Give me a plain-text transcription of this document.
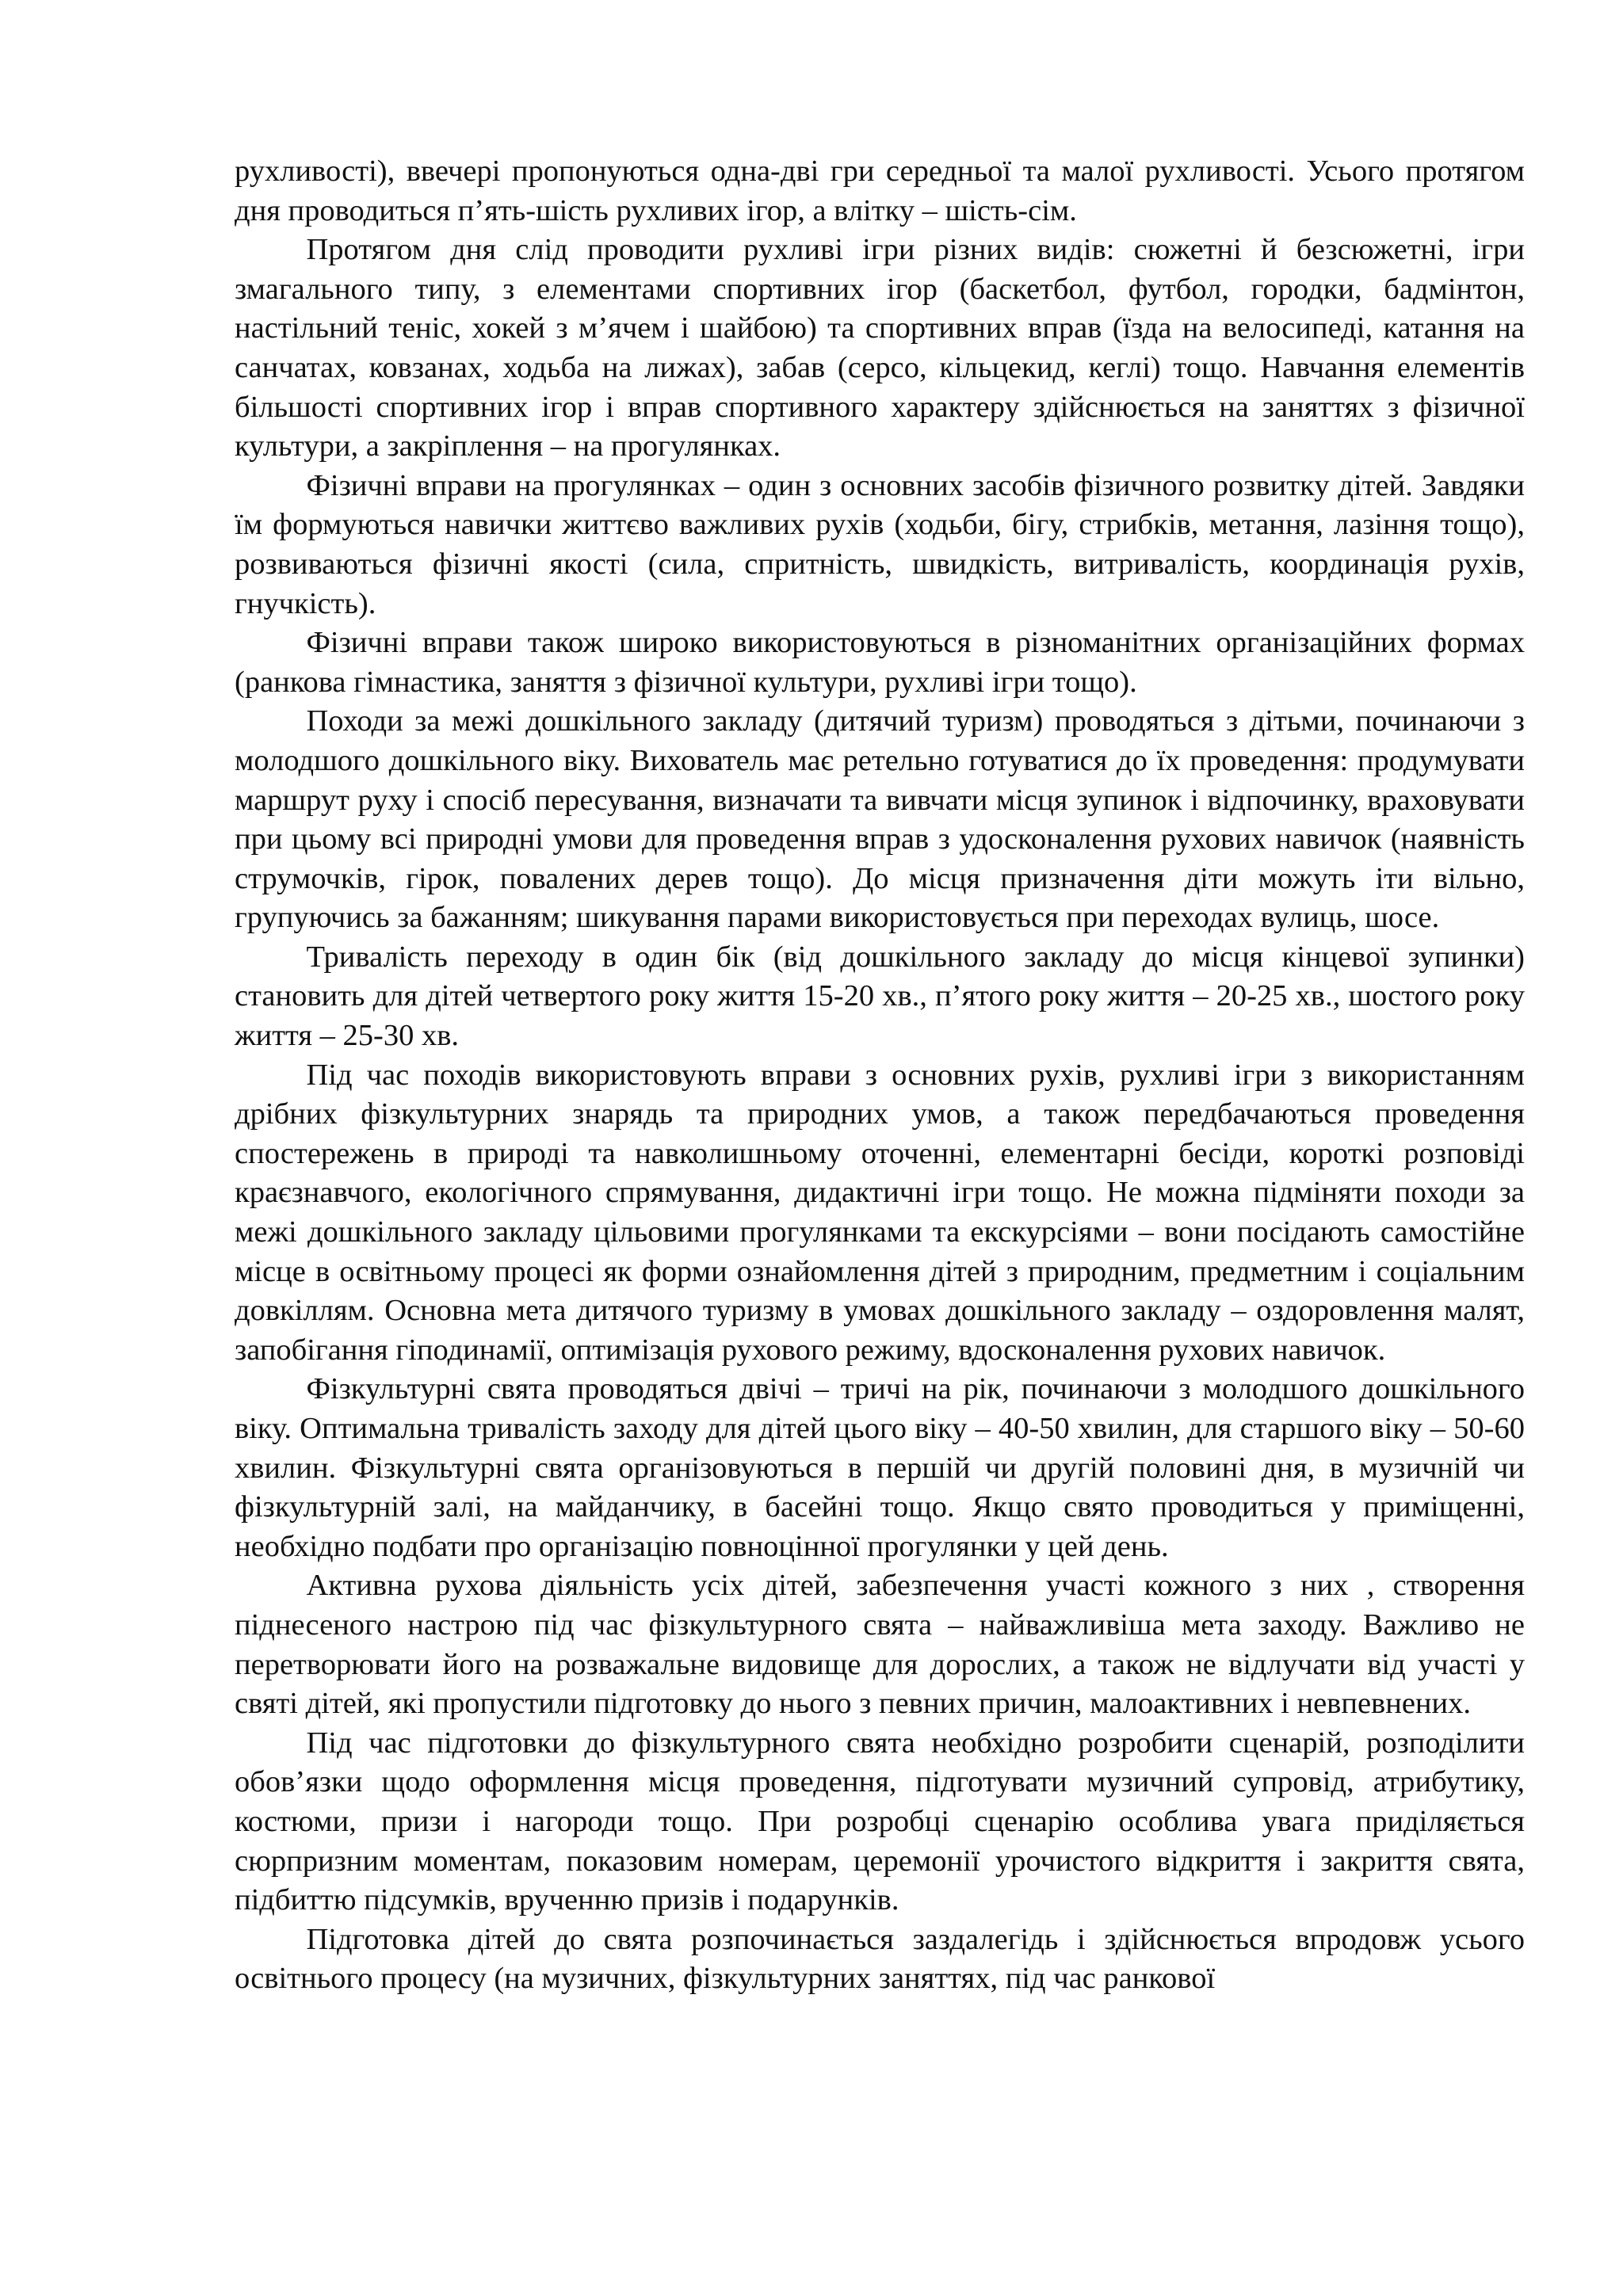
рухливості), ввечері пропонуються одна-дві гри середньої та малої рухливості. Усього протягом дня проводиться п’ять-шість рухливих ігор, а влітку – шість-сім.

Протягом дня слід проводити рухливі ігри різних видів: сюжетні й безсюжетні, ігри змагального типу, з елементами спортивних ігор (баскетбол, футбол, городки, бадмінтон, настільний теніс, хокей з м’ячем і шайбою) та спортивних вправ (їзда на велосипеді, катання на санчатах, ковзанах, ходьба на лижах), забав (серсо, кільцекид, кеглі) тощо. Навчання елементів більшості спортивних ігор і вправ спортивного характеру здійснюється на заняттях з фізичної культури, а закріплення – на прогулянках.

Фізичні вправи на прогулянках – один з основних засобів фізичного розвитку дітей. Завдяки їм формуються навички життєво важливих рухів (ходьби, бігу, стрибків, метання, лазіння тощо), розвиваються фізичні якості (сила, спритність, швидкість, витривалість, координація рухів, гнучкість).

Фізичні вправи також широко використовуються в різноманітних організаційних формах (ранкова гімнастика, заняття з фізичної культури, рухливі ігри тощо).

Походи за межі дошкільного закладу (дитячий туризм) проводяться з дітьми, починаючи з молодшого дошкільного віку. Вихователь має ретельно готуватися до їх проведення: продумувати маршрут руху і спосіб пересування, визначати та вивчати місця зупинок і відпочинку, враховувати при цьому всі природні умови для проведення вправ з удосконалення рухових навичок (наявність струмочків, гірок, повалених дерев тощо). До місця призначення діти можуть іти вільно, групуючись за бажанням; шикування парами використовується при переходах вулиць, шосе.

Тривалість переходу в один бік (від дошкільного закладу до місця кінцевої зупинки) становить для дітей четвертого року життя 15-20 хв., п’ятого року життя – 20-25 хв., шостого року життя – 25-30 хв.

Під час походів використовують вправи з основних рухів, рухливі ігри з використанням дрібних фізкультурних знарядь та природних умов, а також передбачаються проведення спостережень в природі та навколишньому оточенні, елементарні бесіди, короткі розповіді краєзнавчого, екологічного спрямування, дидактичні ігри тощо. Не можна підміняти походи за межі дошкільного закладу цільовими прогулянками та екскурсіями – вони посідають самостійне місце в освітньому процесі як форми ознайомлення дітей з природним, предметним і соціальним довкіллям. Основна мета дитячого туризму в умовах дошкільного закладу – оздоровлення малят, запобігання гіподинамії, оптимізація рухового режиму, вдосконалення рухових навичок.

Фізкультурні свята проводяться двічі – тричі на рік, починаючи з молодшого дошкільного віку. Оптимальна тривалість заходу для дітей цього віку – 40-50 хвилин, для старшого віку – 50-60 хвилин. Фізкультурні свята організовуються в першій чи другій половині дня, в музичній чи фізкультурній залі, на майданчику, в басейні тощо. Якщо свято проводиться у приміщенні, необхідно подбати про організацію повноцінної прогулянки у цей день.

Активна рухова діяльність усіх дітей, забезпечення участі кожного з них , створення піднесеного настрою під час фізкультурного свята – найважливіша мета заходу. Важливо не перетворювати його на розважальне видовище для дорослих, а також не відлучати від участі у святі дітей, які пропустили підготовку до нього з певних причин, малоактивних і невпевнених.

Під час підготовки до фізкультурного свята необхідно розробити сценарій, розподілити обов’язки щодо оформлення місця проведення, підготувати музичний супровід, атрибутику, костюми, призи і нагороди тощо. При розробці сценарію особлива увага приділяється сюрпризним моментам, показовим номерам, церемонії урочистого відкриття і закриття свята, підбиттю підсумків, врученню призів і подарунків.

Підготовка дітей до свята розпочинається заздалегідь і здійснюється впродовж усього освітнього процесу (на музичних, фізкультурних заняттях, під час ранкової
